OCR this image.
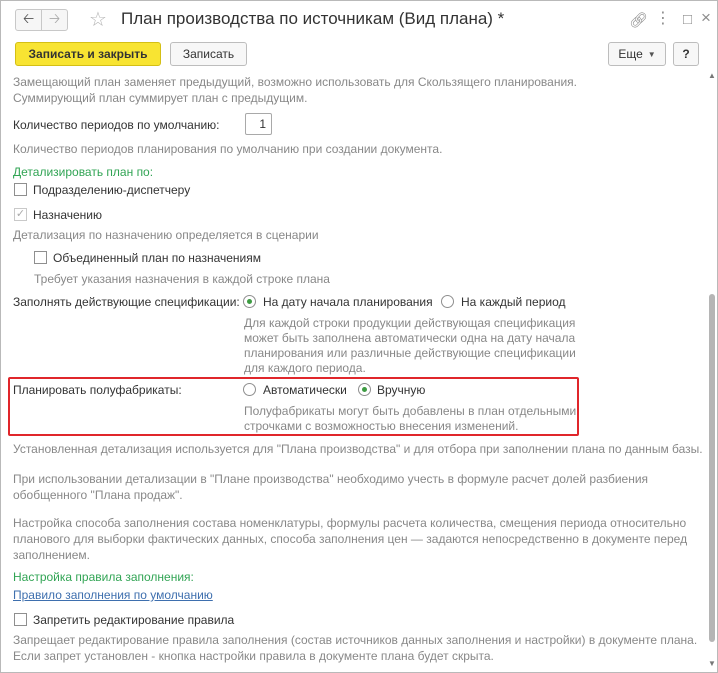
🡠 🡢 ☆ План производства по источникам (Вид плана) *	🔗︎ ⋮ □ ×
Записать и закрыть	Записать	Еще ▼	?
Замещающий план заменяет предыдущий, возможно использовать для Скользящего планирования.
Суммирующий план суммирует план с предыдущим.
Количество периодов по умолчанию:	1
Количество периодов планирования по умолчанию при создании документа.
Детализировать план по:
Подразделению-диспетчеру
✓ Назначению
Детализация по назначению определяется в сценарии
Объединенный план по назначениям
Требует указания назначения в каждой строке плана
Заполнять действующие спецификации: На дату начала планирования На каждый период
Для каждой строки продукции действующая спецификация
может быть заполнена автоматически одна на дату начала
планирования или различные действующие спецификации
для каждого периода.
Планировать полуфабрикаты:	Автоматически	Вручную
Полуфабрикаты могут быть добавлены в план отдельными
строчками с возможностью внесения изменений.
Установленная детализация используется для "Плана производства" и для отбора при заполнении плана по данным базы.
При использовании детализации в "Плане производства" необходимо учесть в формуле расчет долей разбиения
обобщенного "Плана продаж".
Настройка способа заполнения состава номенклатуры, формулы расчета количества, смещения периода относительно
планового для выборки фактических данных, способа заполнения цен — задаются непосредственно в документе перед
заполнением.
Настройка правила заполнения:
Правило заполнения по умолчанию
Запретить редактирование правила
Запрещает редактирование правила заполнения (состав источников данных заполнения и настройки) в документе плана.
Если запрет установлен - кнопка настройки правила в документе плана будет скрыта.
▲
▼
